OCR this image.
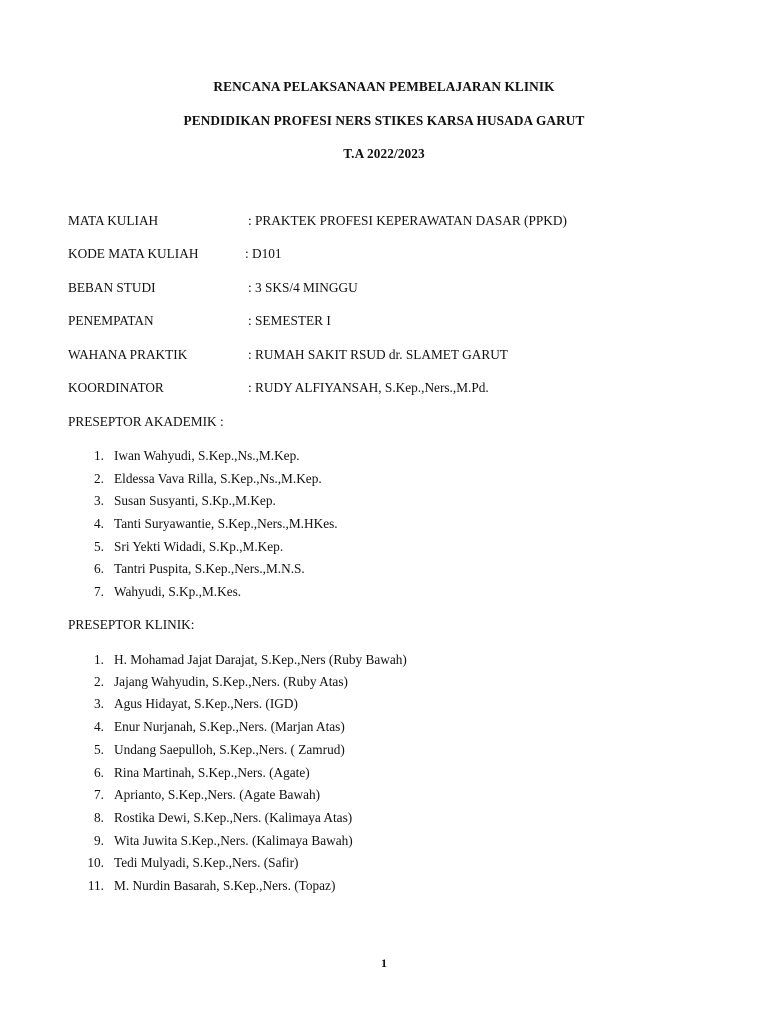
RENCANA PELAKSANAAN PEMBELAJARAN KLINIK
PENDIDIKAN PROFESI NERS STIKES KARSA HUSADA GARUT
T.A 2022/2023
MATA KULIAH	: PRAKTEK PROFESI KEPERAWATAN DASAR (PPKD)
KODE MATA KULIAH	: D101
BEBAN STUDI	: 3 SKS/4 MINGGU
PENEMPATAN	: SEMESTER I
WAHANA PRAKTIK	: RUMAH SAKIT RSUD dr. SLAMET GARUT
KOORDINATOR	: RUDY ALFIYANSAH, S.Kep.,Ners.,M.Pd.
PRESEPTOR AKADEMIK :
1. Iwan Wahyudi, S.Kep.,Ns.,M.Kep.
2. Eldessa Vava Rilla, S.Kep.,Ns.,M.Kep.
3. Susan Susyanti, S.Kp.,M.Kep.
4. Tanti Suryawantie, S.Kep.,Ners.,M.HKes.
5. Sri Yekti Widadi, S.Kp.,M.Kep.
6. Tantri Puspita, S.Kep.,Ners.,M.N.S.
7. Wahyudi, S.Kp.,M.Kes.
PRESEPTOR KLINIK:
1. H. Mohamad Jajat Darajat, S.Kep.,Ners (Ruby Bawah)
2. Jajang Wahyudin, S.Kep.,Ners. (Ruby Atas)
3. Agus Hidayat, S.Kep.,Ners. (IGD)
4. Enur Nurjanah, S.Kep.,Ners. (Marjan Atas)
5. Undang Saepulloh, S.Kep.,Ners. ( Zamrud)
6. Rina Martinah, S.Kep.,Ners. (Agate)
7. Aprianto, S.Kep.,Ners. (Agate Bawah)
8. Rostika Dewi, S.Kep.,Ners. (Kalimaya Atas)
9. Wita Juwita S.Kep.,Ners. (Kalimaya Bawah)
10. Tedi Mulyadi, S.Kep.,Ners. (Safir)
11. M. Nurdin Basarah, S.Kep.,Ners. (Topaz)
1
